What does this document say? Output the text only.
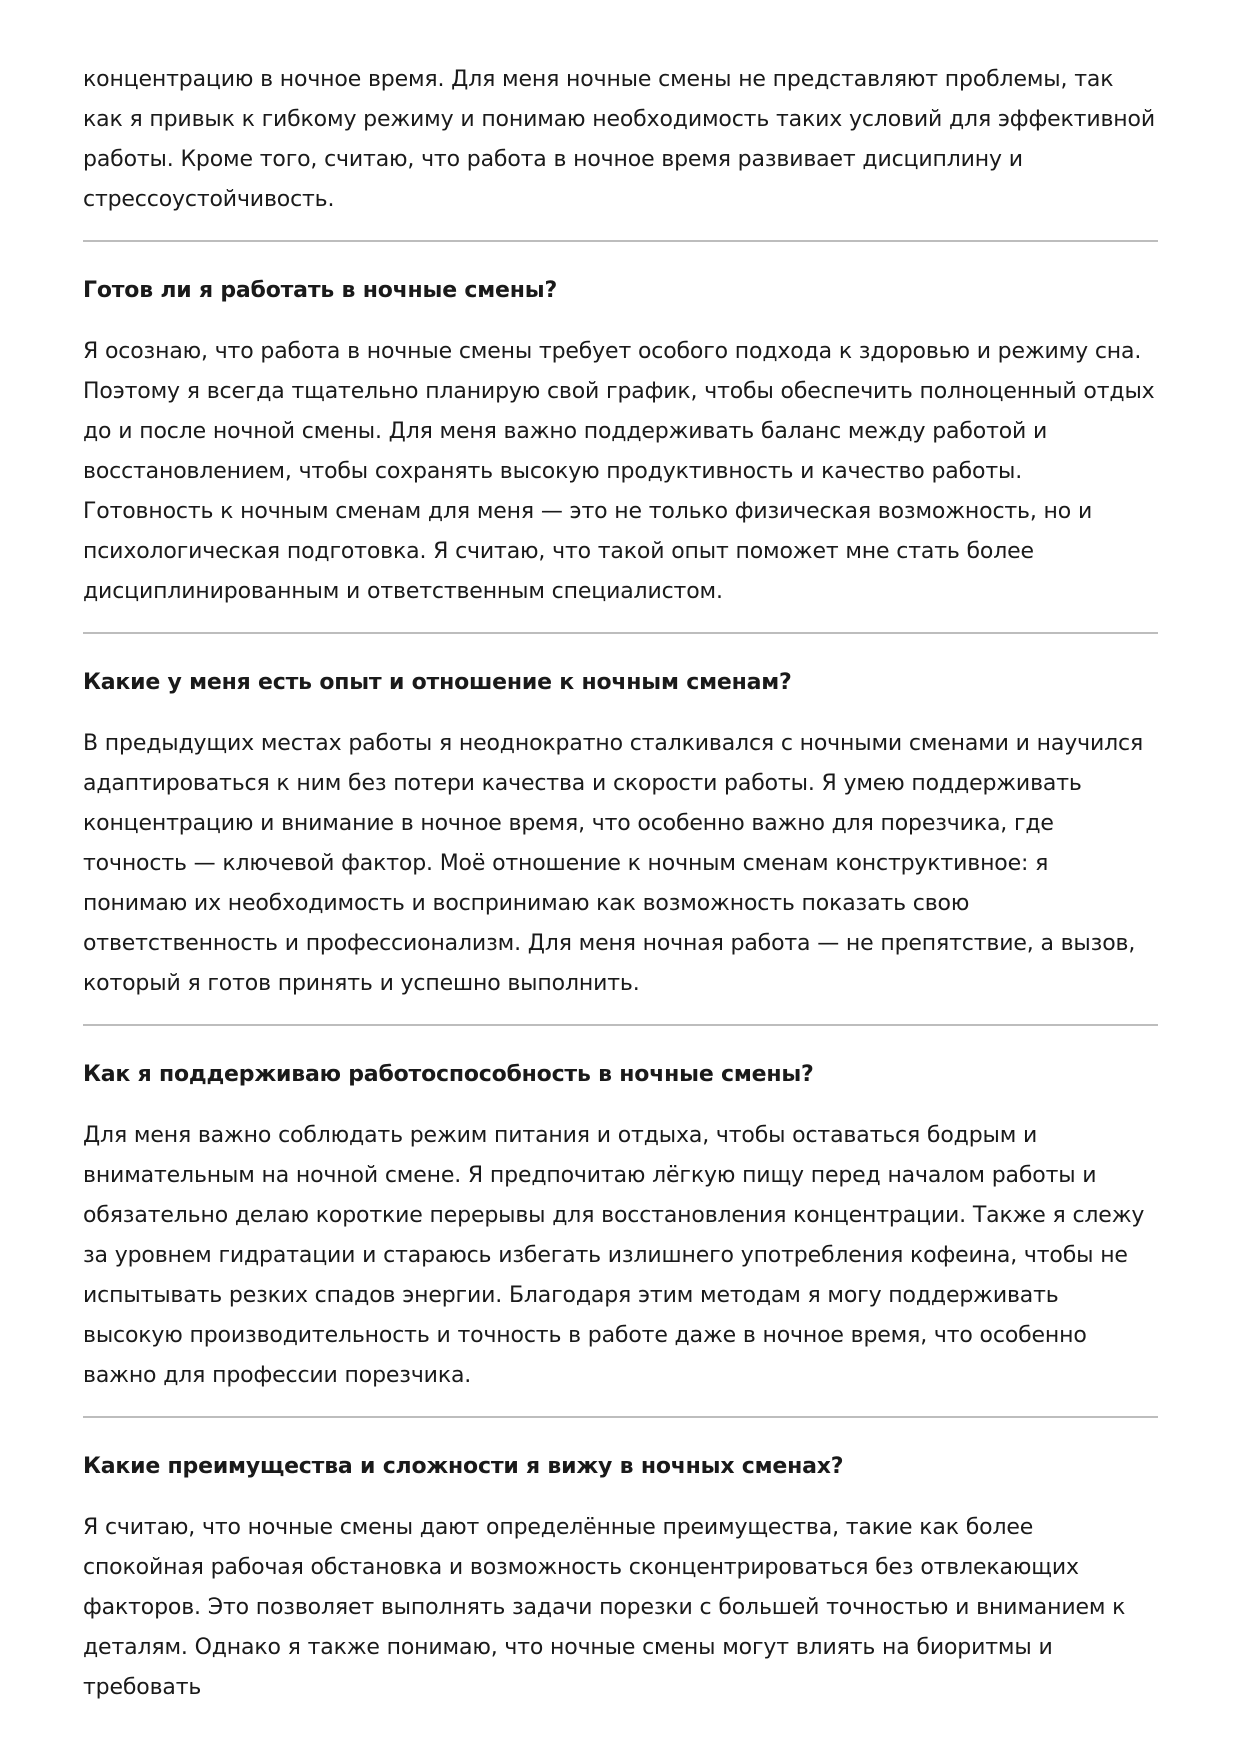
концентрацию в ночное время. Для меня ночные смены не представляют проблемы, так как я привык к гибкому режиму и понимаю необходимость таких условий для эффективной работы. Кроме того, считаю, что работа в ночное время развивает дисциплину и стрессоустойчивость.

Готов ли я работать в ночные смены?

Я осознаю, что работа в ночные смены требует особого подхода к здоровью и режиму сна. Поэтому я всегда тщательно планирую свой график, чтобы обеспечить полноценный отдых до и после ночной смены. Для меня важно поддерживать баланс между работой и восстановлением, чтобы сохранять высокую продуктивность и качество работы. Готовность к ночным сменам для меня — это не только физическая возможность, но и психологическая подготовка. Я считаю, что такой опыт поможет мне стать более дисциплинированным и ответственным специалистом.

Какие у меня есть опыт и отношение к ночным сменам?

В предыдущих местах работы я неоднократно сталкивался с ночными сменами и научился адаптироваться к ним без потери качества и скорости работы. Я умею поддерживать концентрацию и внимание в ночное время, что особенно важно для порезчика, где точность — ключевой фактор. Моё отношение к ночным сменам конструктивное: я понимаю их необходимость и воспринимаю как возможность показать свою ответственность и профессионализм. Для меня ночная работа — не препятствие, а вызов, который я готов принять и успешно выполнить.

Как я поддерживаю работоспособность в ночные смены?

Для меня важно соблюдать режим питания и отдыха, чтобы оставаться бодрым и внимательным на ночной смене. Я предпочитаю лёгкую пищу перед началом работы и обязательно делаю короткие перерывы для восстановления концентрации. Также я слежу за уровнем гидратации и стараюсь избегать излишнего употребления кофеина, чтобы не испытывать резких спадов энергии. Благодаря этим методам я могу поддерживать высокую производительность и точность в работе даже в ночное время, что особенно важно для профессии порезчика.

Какие преимущества и сложности я вижу в ночных сменах?

Я считаю, что ночные смены дают определённые преимущества, такие как более спокойная рабочая обстановка и возможность сконцентрироваться без отвлекающих факторов. Это позволяет выполнять задачи порезки с большей точностью и вниманием к деталям. Однако я также понимаю, что ночные смены могут влиять на биоритмы и требовать
